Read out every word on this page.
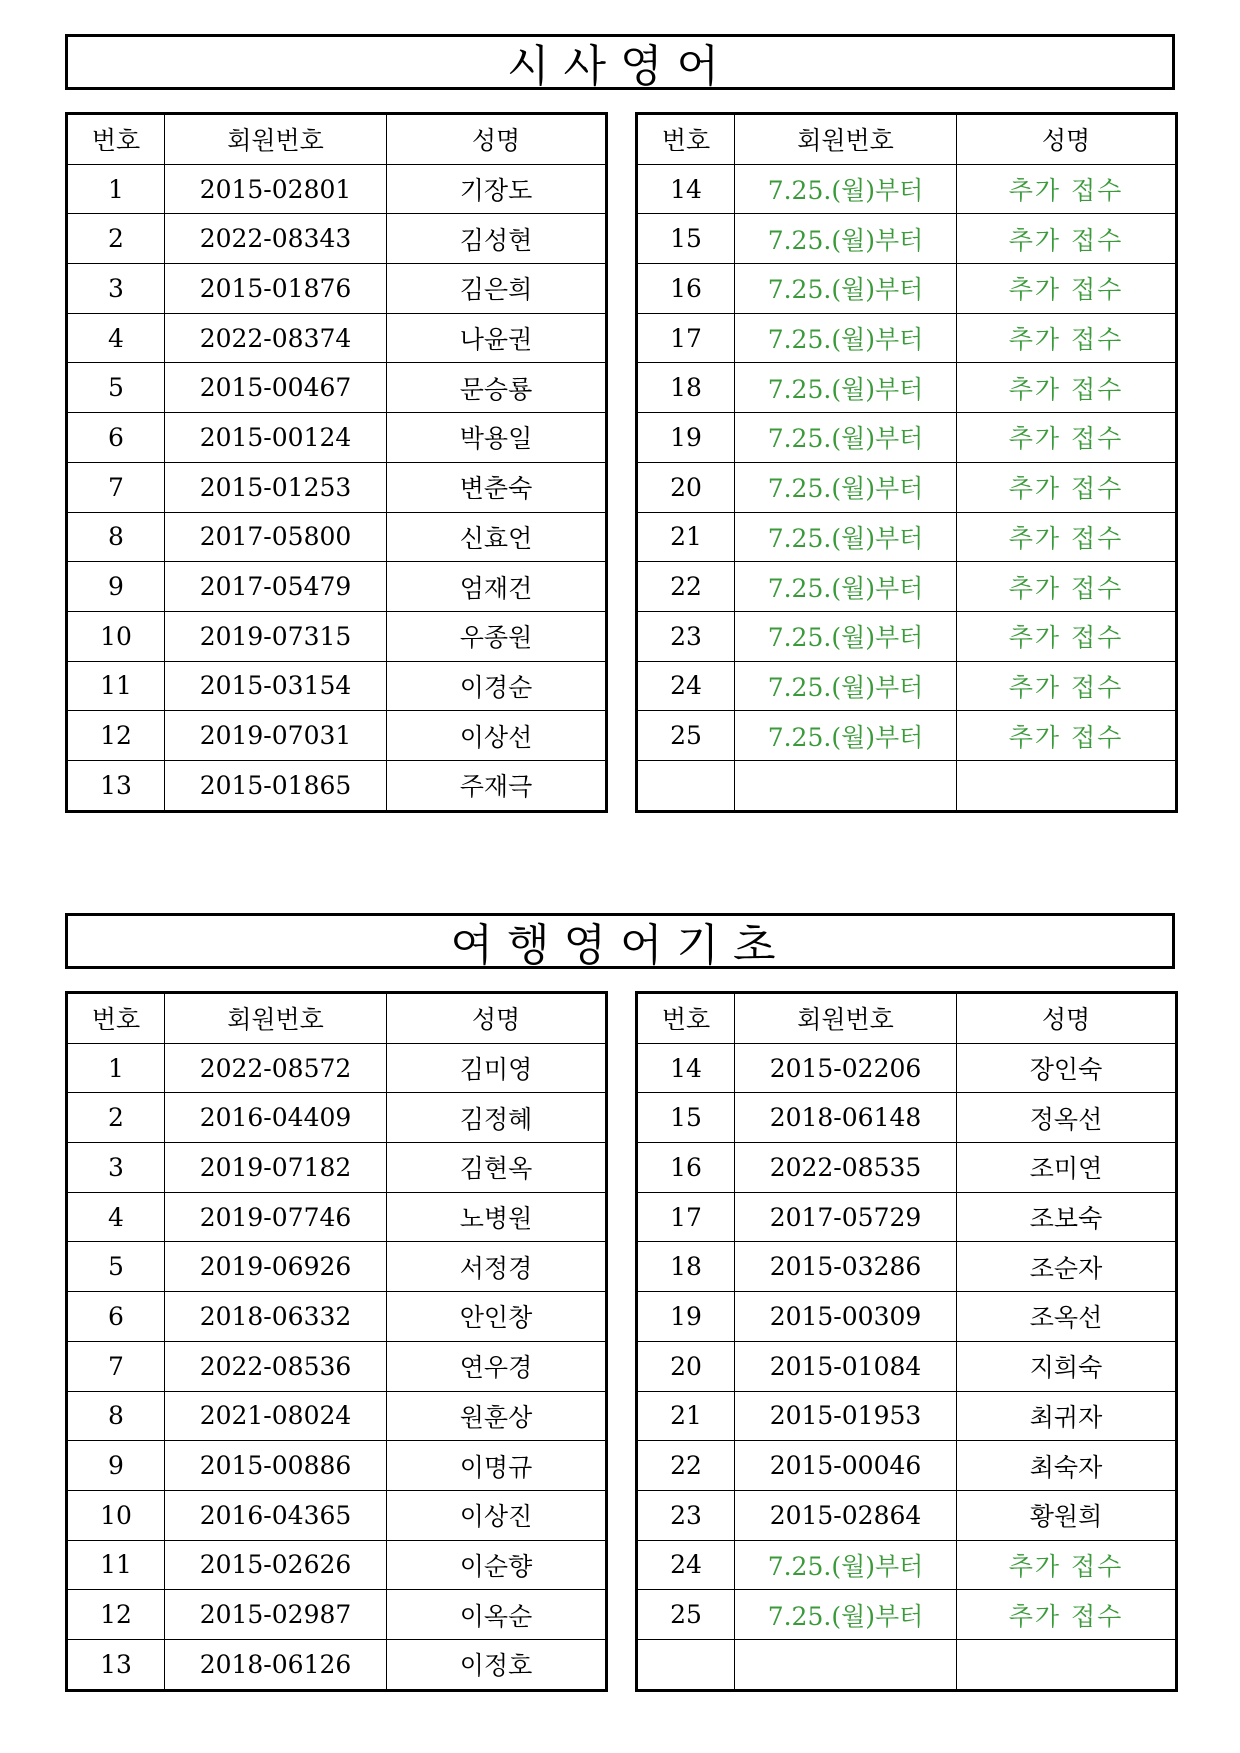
시사영어
번호	회원번호	성명
1	2015-02801	기장도
2	2022-08343	김성현
3	2015-01876	김은희
4	2022-08374	나윤권
5	2015-00467	문승룡
6	2015-00124	박용일
7	2015-01253	변춘숙
8	2017-05800	신효언
9	2017-05479	엄재건
10	2019-07315	우종원
11	2015-03154	이경순
12	2019-07031	이상선
13	2015-01865	주재극
번호	회원번호	성명
14	7.25.(월)부터	추가 접수
15	7.25.(월)부터	추가 접수
16	7.25.(월)부터	추가 접수
17	7.25.(월)부터	추가 접수
18	7.25.(월)부터	추가 접수
19	7.25.(월)부터	추가 접수
20	7.25.(월)부터	추가 접수
21	7.25.(월)부터	추가 접수
22	7.25.(월)부터	추가 접수
23	7.25.(월)부터	추가 접수
24	7.25.(월)부터	추가 접수
25	7.25.(월)부터	추가 접수

여행영어기초
번호	회원번호	성명
1	2022-08572	김미영
2	2016-04409	김정혜
3	2019-07182	김현옥
4	2019-07746	노병원
5	2019-06926	서정경
6	2018-06332	안인창
7	2022-08536	연우경
8	2021-08024	원훈상
9	2015-00886	이명규
10	2016-04365	이상진
11	2015-02626	이순향
12	2015-02987	이옥순
13	2018-06126	이정호
번호	회원번호	성명
14	2015-02206	장인숙
15	2018-06148	정옥선
16	2022-08535	조미연
17	2017-05729	조보숙
18	2015-03286	조순자
19	2015-00309	조옥선
20	2015-01084	지희숙
21	2015-01953	최귀자
22	2015-00046	최숙자
23	2015-02864	황원희
24	7.25.(월)부터	추가 접수
25	7.25.(월)부터	추가 접수
